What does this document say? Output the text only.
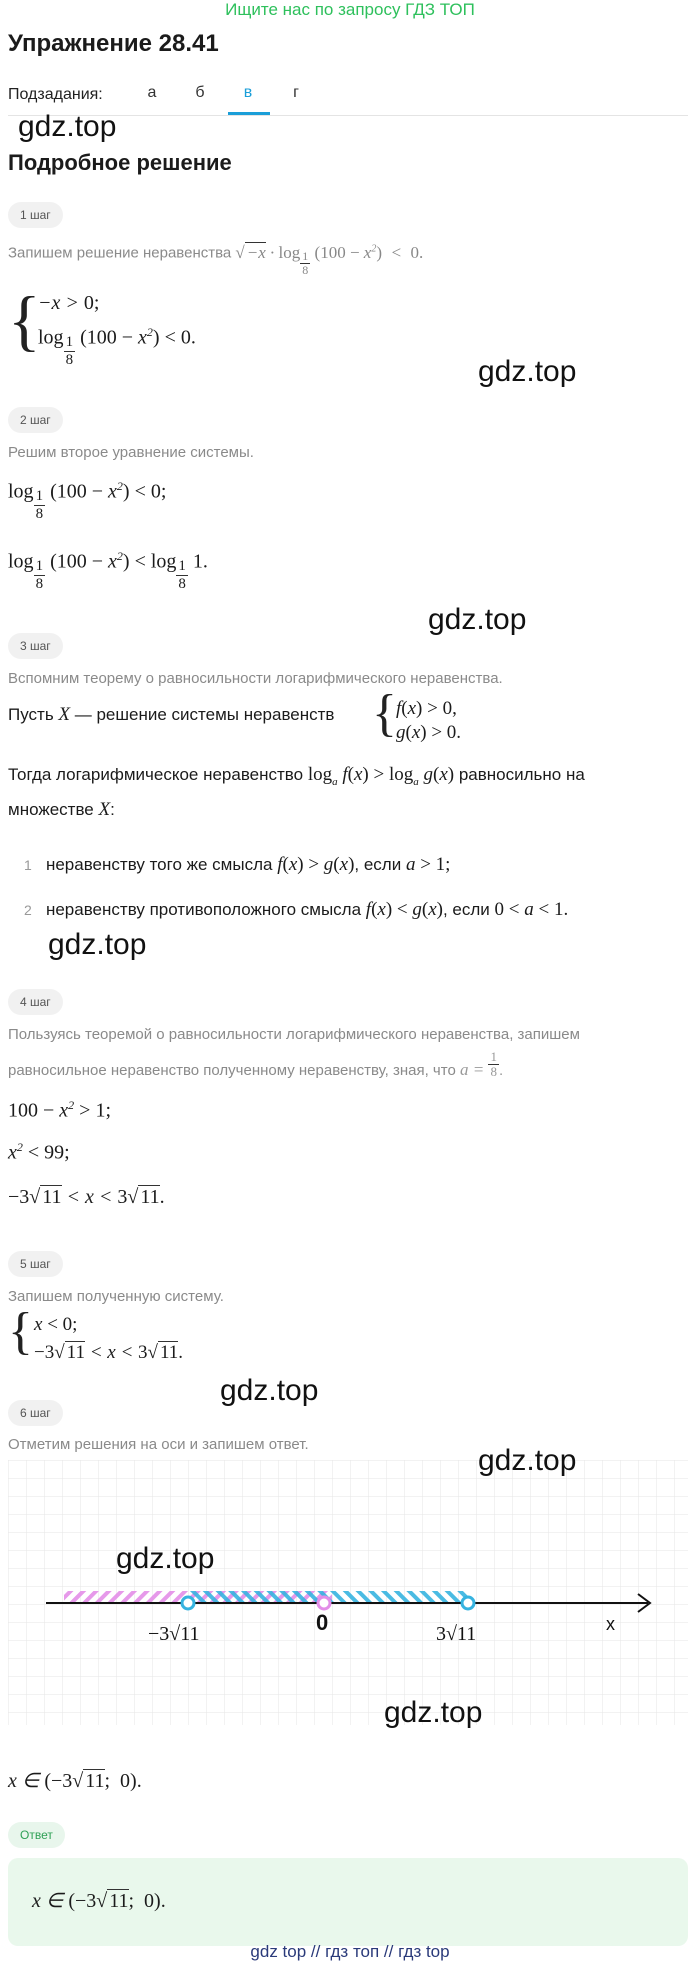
Ищите нас по запросу ГДЗ ТОП
Упражнение 28.41
Подзадания:	а	б	в	г
gdz.top
Подробное решение
1 шаг
Запишем решение неравенства √ $-x \cdot \log \frac{1}{8} (100 - x^2) < 0$.
{
−x > 0;
$\log \frac{1}{8} (100 - x^2) < 0$.
gdz.top
2 шаг
Решим второе уравнение системы.
$\log \frac{1}{8} (100 - x^2) < 0$;
$\log \frac{1}{8} (100 - x^2) < \log \frac{1}{8} 1$.
gdz.top
3 шаг
Вспомним теорему о равносильности логарифмического неравенства.
Пусть X — решение системы неравенств { f(x) > 0,
g(x) > 0.
Тогда логарифмическое неравенство $\log_a f(x) > \log_a g(x)$ равносильно на
множестве X:
1 неравенству того же смысла f(x) > g(x), если a > 1;
2 неравенству противоположного смысла f(x) < g(x), если 0 < a < 1.
gdz.top
4 шаг
Пользуясь теоремой о равносильности логарифмического неравенства, запишем
равносильное неравенство полученному неравенству, зная, что $a = \frac{1}{8}$ .
$100 - x^2 > 1$;
$x^2 < 99$;
−3√ 11 < x < 3√ 11.
5 шаг
Запишем полученную систему.
{ x < 0;
−3√ 11 < x < 3√ 11.
gdz.top
6 шаг
Отметим решения на оси и запишем ответ.
−3√11	0	3√11	x
gdz.top
gdz.top
gdz.top
x ∈ (−3√ 11;  0).
Ответ
x ∈ (−3√ 11;  0).
gdz top // гдз топ // гдз top
